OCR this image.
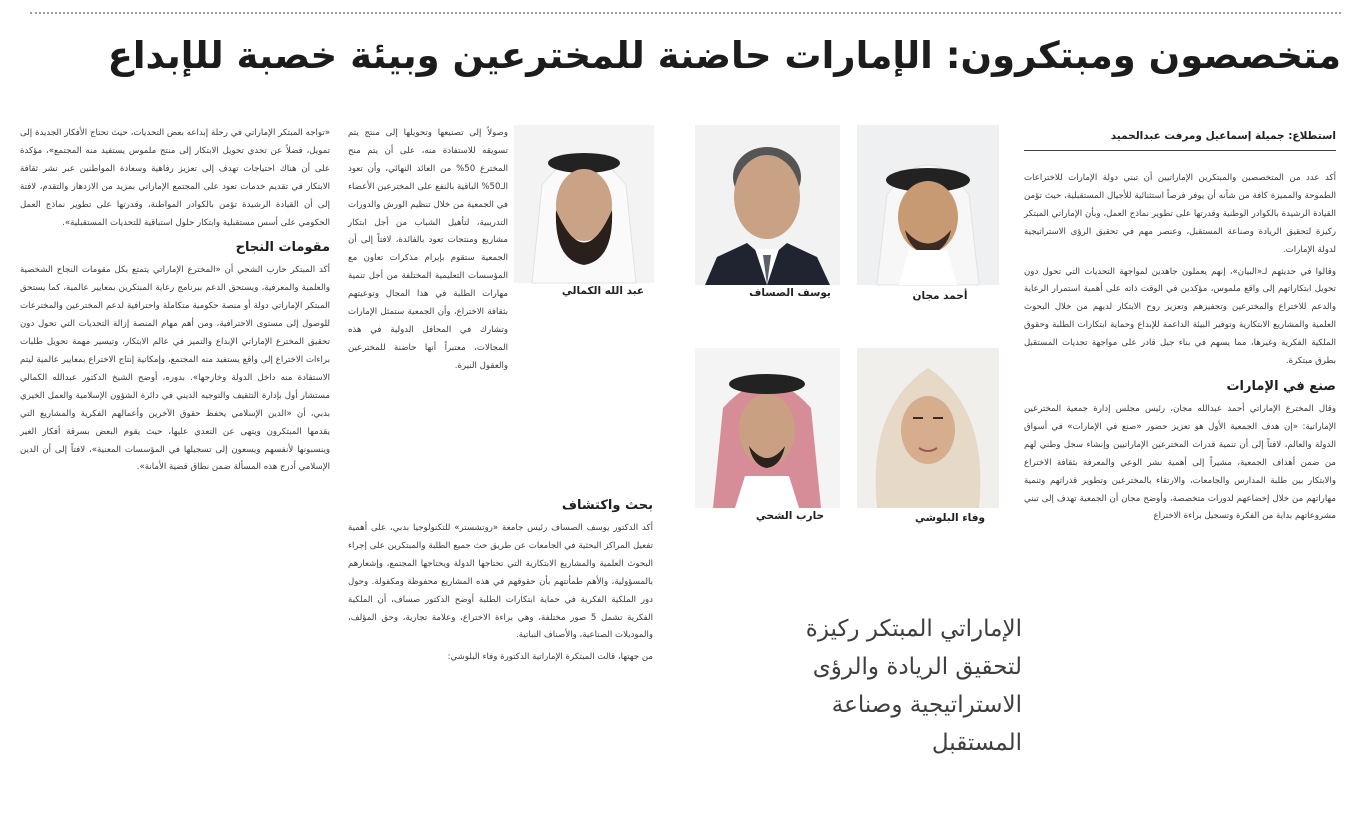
متخصصون ومبتكرون: الإمارات حاضنة للمخترعين وبيئة خصبة للإبداع
استطلاع: جميلة إسماعيل ومرفت عبدالحميد

أكد عدد من المتخصصين والمبتكرين الإماراتيين أن تبني دولة الإمارات للاختراعات الطموحة والمميزة كافة من شأنه أن يوفر فرصاً استثنائية للأجيال المستقبلية، حيث تؤمن القيادة الرشيدة بالكوادر الوطنية وقدرتها على تطوير نماذج العمل، وبأن الإماراتي المبتكر ركيزة لتحقيق الريادة وصناعة المستقبل، وعنصر مهم في تحقيق الرؤى الاستراتيجية لدولة الإمارات.

وقالوا في حديثهم لـ«البيان»، إنهم يعملون جاهدين لمواجهة التحديات التي تحول دون تحويل ابتكاراتهم إلى واقع ملموس، مؤكدين في الوقت ذاته على أهمية استمرار الرعاية والدعم للاختراع والمخترعين وتحفيزهم وتعزيز روح الابتكار لديهم من خلال البحوث العلمية والمشاريع الابتكارية وتوفير البيئة الداعمة للإبداع وحماية ابتكارات الطلبة وحقوق الملكية الفكرية وغيرها، مما يسهم في بناء جيل قادر على مواجهة تحديات المستقبل بطرق مبتكرة.

صنع في الإمارات

وقال المخترع الإماراتي أحمد عبدالله مجان، رئيس مجلس إدارة جمعية المخترعين الإماراتية: «إن هدف الجمعية الأول هو تعزيز حضور «صنع في الإمارات» في أسواق الدولة والعالم، لافتاً إلى أن تنمية قدرات المخترعين الإماراتيين وإنشاء سجل وطني لهم من ضمن أهداف الجمعية، مشيراً إلى أهمية نشر الوعي والمعرفة بثقافة الاختراع والابتكار بين طلبة المدارس والجامعات، والارتقاء بالمخترعين وتطوير قدراتهم وتنمية مهاراتهم من خلال إخضاعهم لدورات متخصصة، وأوضح مجان أن الجمعية تهدف إلى تبني مشروعاتهم بداية من الفكرة وتسجيل براءة الاختراع

أحمد مجان
يوسف الصساف
عبد الله الكمالي
وفاء البلوشي
حارب الشحي

الإماراتي المبتكر ركيزة

لتحقيق الريادة والرؤى

الاستراتيجية وصناعة

المستقبل

وصولاً إلى تصنيعها وتحويلها إلى منتج يتم تسويقه للاستفادة منه، على أن يتم منح المخترع 50% من العائد النهائي، وأن تعود الـ50% الباقية بالنفع على المخترعين الأعضاء في الجمعية من خلال تنظيم الورش والدورات التدريبية، لتأهيل الشباب من أجل ابتكار مشاريع ومنتجات تعود بالفائدة، لافتاً إلى أن الجمعية ستقوم بإبرام مذكرات تعاون مع المؤسسات التعليمية المختلفة من أجل تنمية مهارات الطلبة في هذا المجال وتوعيتهم بثقافة الاختراع، وأن الجمعية ستمثل الإمارات وتشارك في المحافل الدولية في هذه المجالات، معتبراً أنها حاضنة للمخترعين والعقول النيرة.

بحث واكتشاف

أكد الدكتور يوسف الصساف رئيس جامعة «روتشستر» للتكنولوجيا بدبي، على أهمية تفعيل المراكز البحثية في الجامعات عن طريق حث جميع الطلبة والمبتكرين على إجراء البحوث العلمية والمشاريع الابتكارية التي تحتاجها الدولة ويحتاجها المجتمع، وإشعارهم بالمسؤولية، والأهم طمأنتهم بأن حقوقهم في هذه المشاريع محفوظة ومكفولة. وحول دور الملكية الفكرية في حماية ابتكارات الطلبة أوضح الدكتور صساف، أن الملكية الفكرية تشمل 5 صور مختلفة، وهي براءة الاختراع، وعلامة تجارية، وحق المؤلف، والموديلات الصناعية، والأصناف النباتية.

من جهتها، قالت المبتكرة الإماراتية الدكتورة وفاء البلوشي:

«تواجه المبتكر الإماراتي في رحلة إبداعه بعض التحديات، حيث تحتاج الأفكار الجديدة إلى تمويل، فضلاً عن تحدي تحويل الابتكار إلى منتج ملموس يستفيد منه المجتمع»، مؤكدة على أن هناك احتياجات تهدف إلى تعزيز رفاهية وسعادة المواطنين عبر نشر ثقافة الابتكار في تقديم خدمات تعود على المجتمع الإماراتي بمزيد من الازدهار والتقدم، لافتة إلى أن القيادة الرشيدة تؤمن بالكوادر المواطنة، وقدرتها على تطوير نماذج العمل الحكومي على أسس مستقبلية وابتكار حلول استباقية للتحديات المستقبلية».

مقومات النجاح

أكد المبتكر حارب الشحي أن «المخترع الإماراتي يتمتع بكل مقومات النجاح الشخصية والعلمية والمعرفية، ويستحق الدعم ببرنامج رعاية المبتكرين بمعايير عالمية، كما يستحق المبتكر الإماراتي دولة أو منصة حكومية متكاملة واحترافية لدعم المخترعين والمخترعات للوصول إلى مستوى الاحترافية، ومن أهم مهام المنصة إزالة التحديات التي تحول دون تحقيق المخترع الإماراتي الإبداع والتميز في عالم الابتكار، وتيسير مهمة تحويل طلبات براءات الاختراع إلى واقع يستفيد منه المجتمع، وإمكانية إنتاج الاختراع بمعايير عالمية ليتم الاستفادة منه داخل الدولة وخارجها». بدوره، أوضح الشيخ الدكتور عبدالله الكمالي مستشار أول بإدارة التثقيف والتوجيه الديني في دائرة الشؤون الإسلامية والعمل الخيري بدبي، أن «الدين الإسلامي يحفظ حقوق الآخرين وأعمالهم الفكرية والمشاريع التي يقدمها المبتكرون ويتهى عن التعدي عليها، حيث يقوم البعض بسرقة أفكار الغير وينسبونها لأنفسهم ويسعون إلى تسجيلها في المؤسسات المعنية»، لافتاً إلى أن الدين الإسلامي أدرج هذه المسألة ضمن نطاق قضية الأمانة».
